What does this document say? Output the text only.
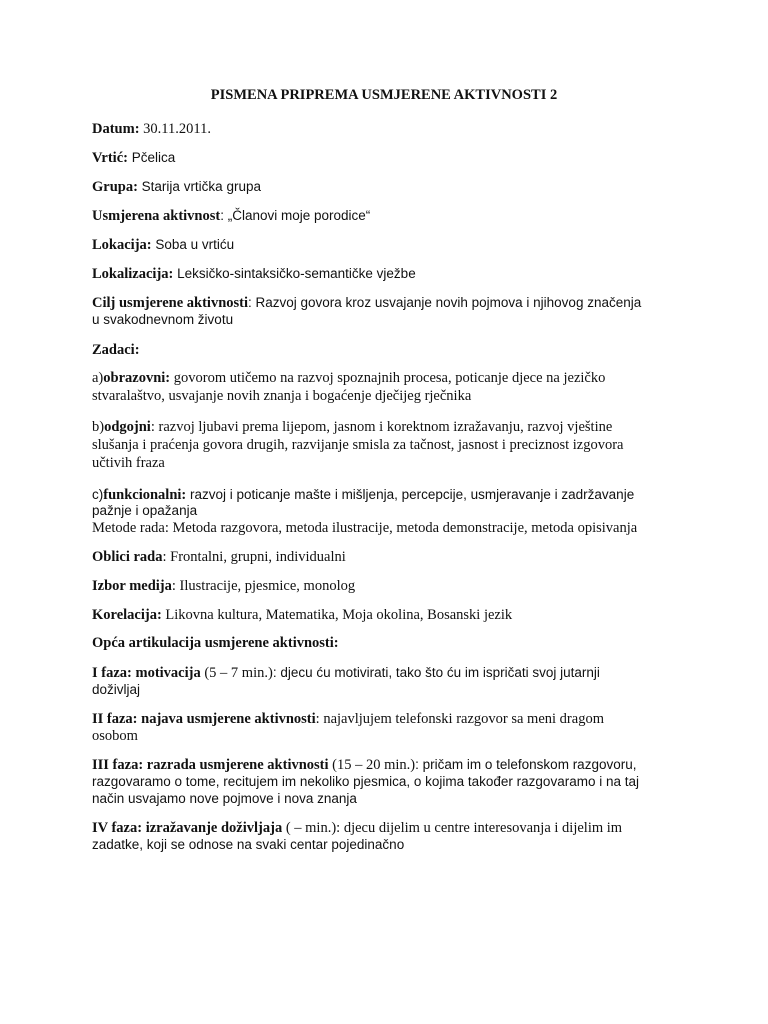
PISMENA PRIPREMA USMJERENE AKTIVNOSTI 2
Datum: 30.11.2011.
Vrtić: Pčelica
Grupa: Starija vrtička grupa
Usmjerena aktivnost: „Članovi moje porodice“
Lokacija: Soba u vrtiću
Lokalizacija: Leksičko-sintaksičko-semantičke vježbe
Cilj usmjerene aktivnosti: Razvoj govora kroz usvajanje novih pojmova i njihovog značenja
u svakodnevnom životu
Zadaci:
a)obrazovni: govorom utičemo na razvoj spoznajnih procesa, poticanje djece na jezičko
stvaralaštvo, usvajanje novih znanja i bogaćenje dječijeg rječnika
b)odgojni: razvoj ljubavi prema lijepom, jasnom i korektnom izražavanju, razvoj vještine
slušanja i praćenja govora drugih, razvijanje smisla za tačnost, jasnost i preciznost izgovora
učtivih fraza
c)funkcionalni: razvoj i poticanje mašte i mišljenja, percepcije, usmjeravanje i zadržavanje
pažnje i opažanja
Metode rada: Metoda razgovora, metoda ilustracije, metoda demonstracije, metoda opisivanja
Oblici rada: Frontalni, grupni, individualni
Izbor medija: Ilustracije, pjesmice, monolog
Korelacija: Likovna kultura, Matematika, Moja okolina, Bosanski jezik
Opća artikulacija usmjerene aktivnosti:
I faza: motivacija (5 – 7 min.): djecu ću motivirati, tako što ću im ispričati svoj jutarnji
doživljaj
II faza: najava usmjerene aktivnosti: najavljujem telefonski razgovor sa meni dragom
osobom
III faza: razrada usmjerene aktivnosti (15 – 20 min.): pričam im o telefonskom razgovoru,
razgovaramo o tome, recitujem im nekoliko pjesmica, o kojima također razgovaramo i na taj
način usvajamo nove pojmove i nova znanja
IV faza: izražavanje doživljaja ( – min.): djecu dijelim u centre interesovanja i dijelim im
zadatke, koji se odnose na svaki centar pojedinačno
